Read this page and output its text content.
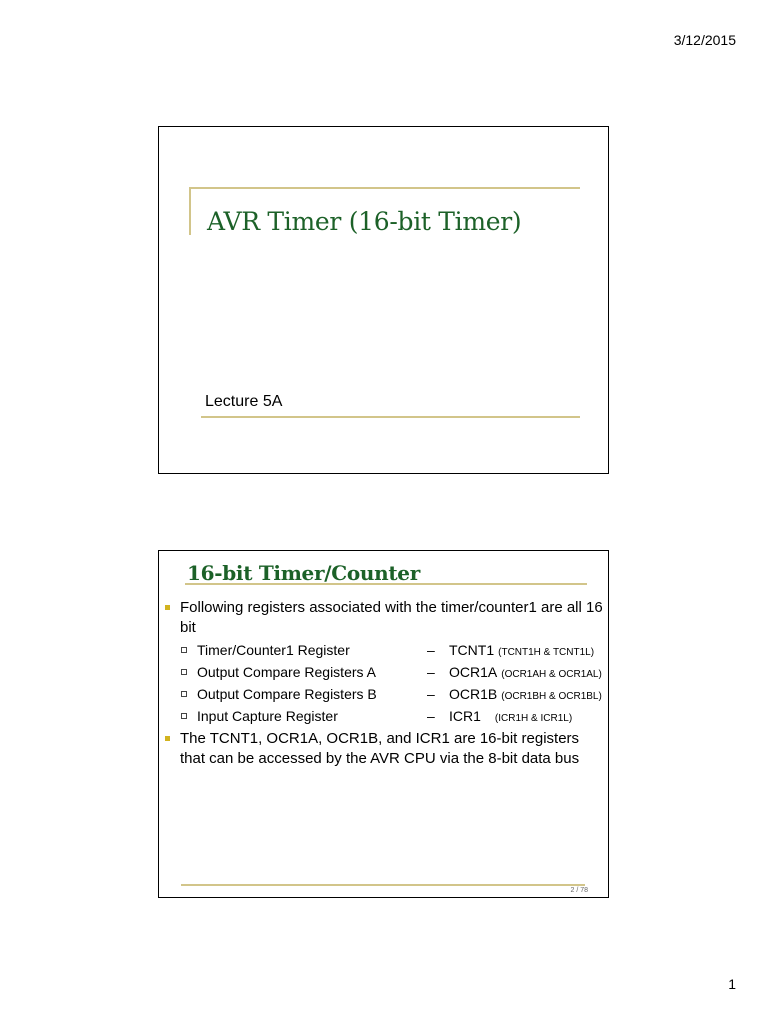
3/12/2015
AVR Timer (16-bit Timer)
Lecture 5A
16-bit Timer/Counter
Following registers associated with the timer/counter1 are all 16 bit
Timer/Counter1 Register	– TCNT1 (TCNT1H & TCNT1L)
Output Compare Registers A	– OCR1A (OCR1AH & OCR1AL)
Output Compare Registers B	– OCR1B (OCR1BH & OCR1BL)
Input Capture Register	– ICR1 (ICR1H & ICR1L)
The TCNT1, OCR1A, OCR1B, and ICR1 are 16-bit registers that can be accessed by the AVR CPU via the 8-bit data bus
2 / 78
1
